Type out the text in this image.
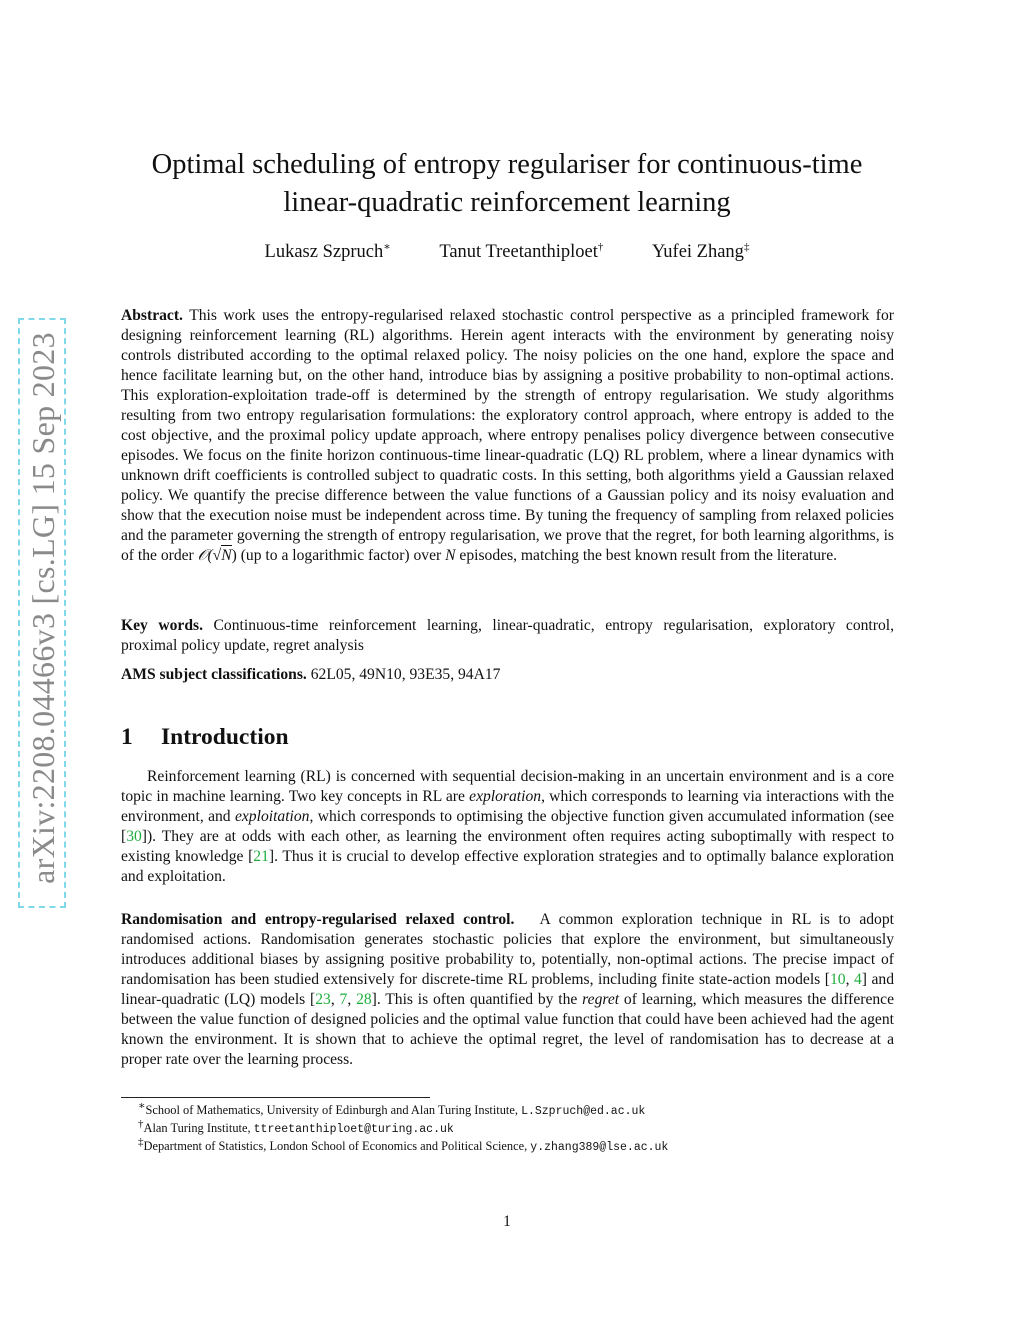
arXiv:2208.04466v3 [cs.LG] 15 Sep 2023
Optimal scheduling of entropy regulariser for continuous-time linear-quadratic reinforcement learning
Lukasz Szpruch∗	Tanut Treetanthiploet†	Yufei Zhang‡

Abstract. This work uses the entropy-regularised relaxed stochastic control perspective as a principled framework for designing reinforcement learning (RL) algorithms. Herein agent interacts with the environment by generating noisy controls distributed according to the optimal relaxed policy. The noisy policies on the one hand, explore the space and hence facilitate learning but, on the other hand, introduce bias by assigning a positive probability to non-optimal actions. This exploration-exploitation trade-off is determined by the strength of entropy regularisation. We study algorithms resulting from two entropy regularisation formulations: the exploratory control approach, where entropy is added to the cost objective, and the proximal policy update approach, where entropy penalises policy divergence between consecutive episodes. We focus on the finite horizon continuous-time linear-quadratic (LQ) RL problem, where a linear dynamics with unknown drift coefficients is controlled subject to quadratic costs. In this setting, both algorithms yield a Gaussian relaxed policy. We quantify the precise difference between the value functions of a Gaussian policy and its noisy evaluation and show that the execution noise must be independent across time. By tuning the frequency of sampling from relaxed policies and the parameter governing the strength of entropy regularisation, we prove that the regret, for both learning algorithms, is of the order 𝒪(√N) (up to a logarithmic factor) over N episodes, matching the best known result from the literature.

Key words. Continuous-time reinforcement learning, linear-quadratic, entropy regularisation, exploratory control, proximal policy update, regret analysis

AMS subject classifications. 62L05, 49N10, 93E35, 94A17

1 Introduction

Reinforcement learning (RL) is concerned with sequential decision-making in an uncertain environment and is a core topic in machine learning. Two key concepts in RL are exploration, which corresponds to learning via interactions with the environment, and exploitation, which corresponds to optimising the objective function given accumulated information (see [30]). They are at odds with each other, as learning the environment often requires acting suboptimally with respect to existing knowledge [21]. Thus it is crucial to develop effective exploration strategies and to optimally balance exploration and exploitation.

Randomisation and entropy-regularised relaxed control. A common exploration technique in RL is to adopt randomised actions. Randomisation generates stochastic policies that explore the environment, but simultaneously introduces additional biases by assigning positive probability to, potentially, non-optimal actions. The precise impact of randomisation has been studied extensively for discrete-time RL problems, including finite state-action models [10, 4] and linear-quadratic (LQ) models [23, 7, 28]. This is often quantified by the regret of learning, which measures the difference between the value function of designed policies and the optimal value function that could have been achieved had the agent known the environment. It is shown that to achieve the optimal regret, the level of randomisation has to decrease at a proper rate over the learning process.

∗School of Mathematics, University of Edinburgh and Alan Turing Institute, L.Szpruch@ed.ac.uk
†Alan Turing Institute, ttreetanthiploet@turing.ac.uk
‡Department of Statistics, London School of Economics and Political Science, y.zhang389@lse.ac.uk
1
